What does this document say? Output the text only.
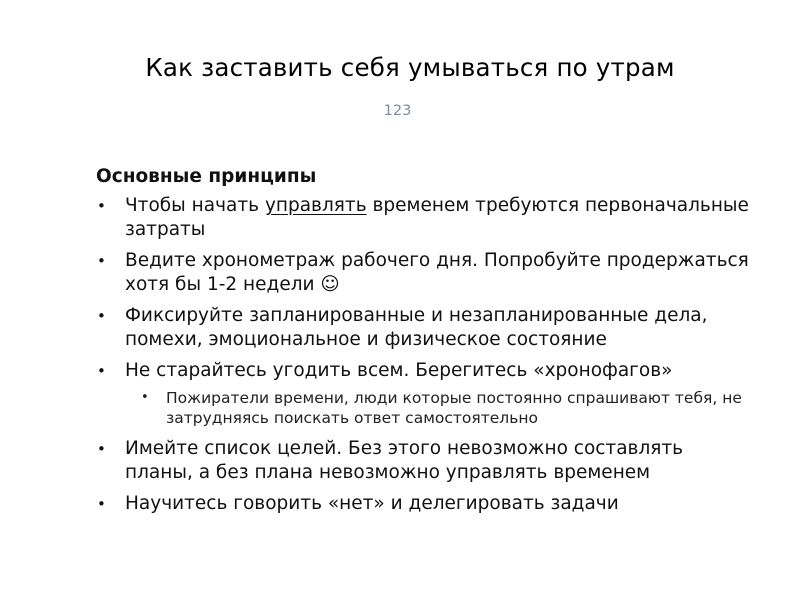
Как заставить себя умываться по утрам
123
Основные принципы
• Чтобы начать управлять временем требуются первоначальные затраты
• Ведите хронометраж рабочего дня. Попробуйте продержаться хотя бы 1-2 недели ☺
• Фиксируйте запланированные и незапланированные дела, помехи, эмоциональное и физическое состояние
• Не старайтесь угодить всем. Берегитесь «хронофагов»
• Пожиратели времени, люди которые постоянно спрашивают тебя, не затрудняясь поискать ответ самостоятельно
• Имейте список целей. Без этого невозможно составлять планы, а без плана невозможно управлять временем
• Научитесь говорить «нет» и делегировать задачи
